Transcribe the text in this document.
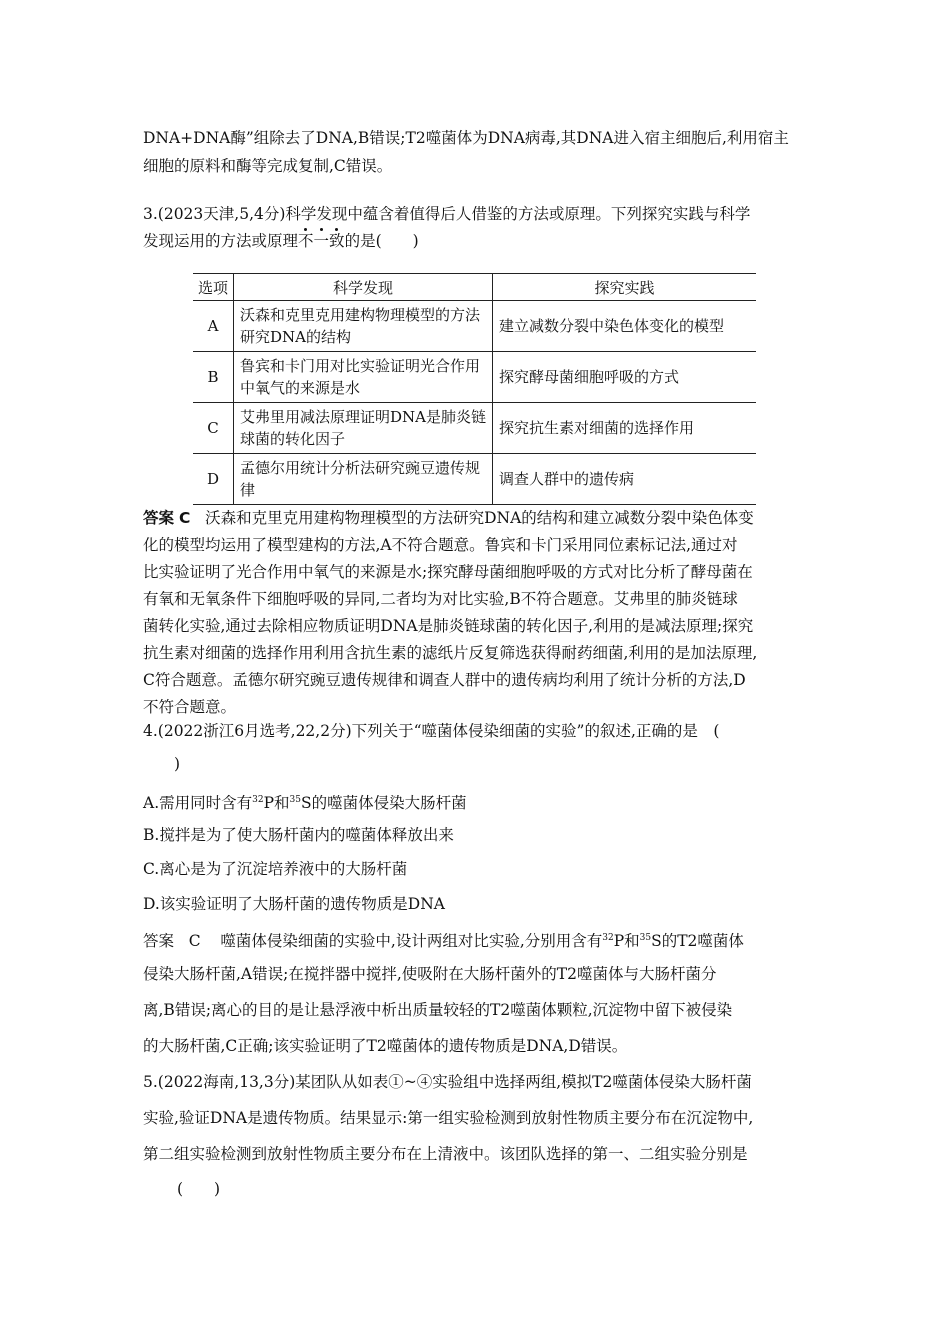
DNA+DNA酶”组除去了DNA,B错误;T2噬菌体为DNA病毒,其DNA进入宿主细胞后,利用宿主
细胞的原料和酶等完成复制,C错误。
3.(2023天津,5,4分)科学发现中蕴含着值得后人借鉴的方法或原理。下列探究实践与科学
发现运用的方法或原理不一致的是(　　)
选项	科学发现	探究实践
A	沃森和克里克用建构物理模型的方法研究DNA的结构	建立减数分裂中染色体变化的模型
B	鲁宾和卡门用对比实验证明光合作用中氧气的来源是水	探究酵母菌细胞呼吸的方式
C	艾弗里用减法原理证明DNA是肺炎链球菌的转化因子	探究抗生素对细菌的选择作用
D	孟德尔用统计分析法研究豌豆遗传规律	调查人群中的遗传病
答案 C 沃森和克里克用建构物理模型的方法研究DNA的结构和建立减数分裂中染色体变
化的模型均运用了模型建构的方法,A不符合题意。鲁宾和卡门采用同位素标记法,通过对
比实验证明了光合作用中氧气的来源是水;探究酵母菌细胞呼吸的方式对比分析了酵母菌在
有氧和无氧条件下细胞呼吸的异同,二者均为对比实验,B不符合题意。艾弗里的肺炎链球
菌转化实验,通过去除相应物质证明DNA是肺炎链球菌的转化因子,利用的是减法原理;探究
抗生素对细菌的选择作用利用含抗生素的滤纸片反复筛选获得耐药细菌,利用的是加法原理,
C符合题意。孟德尔研究豌豆遗传规律和调查人群中的遗传病均利用了统计分析的方法,D
不符合题意。
4.(2022浙江6月选考,22,2分)下列关于“噬菌体侵染细菌的实验”的叙述,正确的是　(
)
A.需用同时含有$^{32}$P和$^{35}$S的噬菌体侵染大肠杆菌
B.搅拌是为了使大肠杆菌内的噬菌体释放出来
C.离心是为了沉淀培养液中的大肠杆菌
D.该实验证明了大肠杆菌的遗传物质是DNA
答案 C 噬菌体侵染细菌的实验中,设计两组对比实验,分别用含有$^{32}$P和$^{35}$S的T2噬菌体
侵染大肠杆菌,A错误;在搅拌器中搅拌,使吸附在大肠杆菌外的T2噬菌体与大肠杆菌分
离,B错误;离心的目的是让悬浮液中析出质量较轻的T2噬菌体颗粒,沉淀物中留下被侵染
的大肠杆菌,C正确;该实验证明了T2噬菌体的遗传物质是DNA,D错误。
5.(2022海南,13,3分)某团队从如表①~④实验组中选择两组,模拟T2噬菌体侵染大肠杆菌
实验,验证DNA是遗传物质。结果显示:第一组实验检测到放射性物质主要分布在沉淀物中,
第二组实验检测到放射性物质主要分布在上清液中。该团队选择的第一、二组实验分别是
(　　)
